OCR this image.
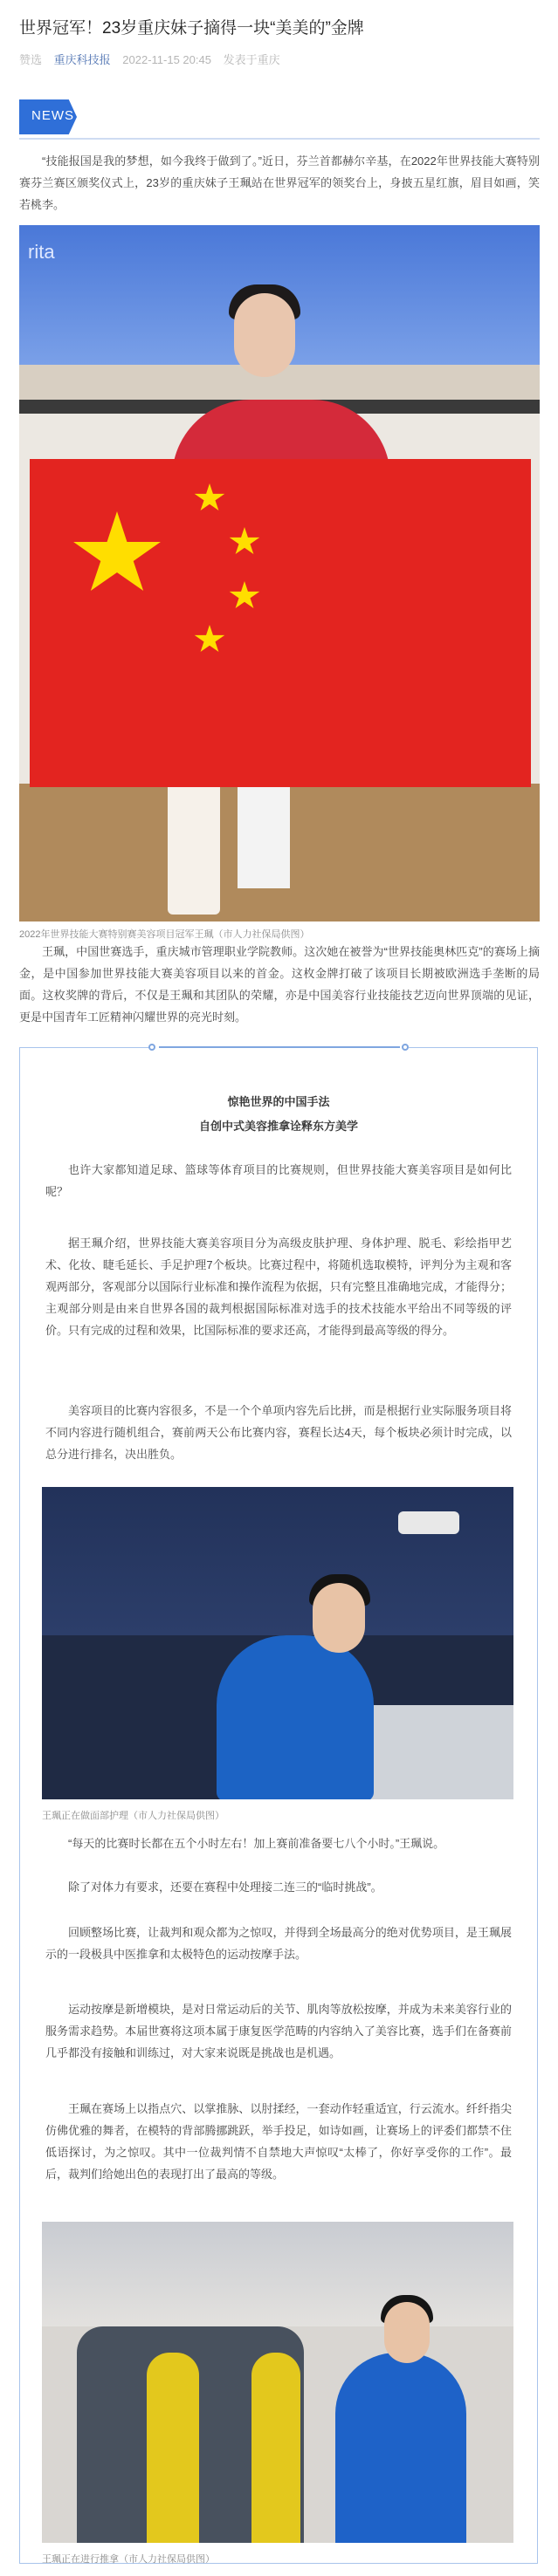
世界冠军！23岁重庆妹子摘得一块“美美的”金牌
赞选 重庆科技报 2022-11-15 20:45 发表于重庆
NEWS

“技能报国是我的梦想，如今我终于做到了。”近日，芬兰首都赫尔辛基，在2022年世界技能大赛特别赛芬兰赛区颁奖仪式上，23岁的重庆妹子王珮站在世界冠军的领奖台上，身披五星红旗，眉目如画，笑若桃李。

rita
2022年世界技能大赛特别赛美容项目冠军王珮（市人力社保局供图）

王珮，中国世赛选手，重庆城市管理职业学院教师。这次她在被誉为“世界技能奥林匹克”的赛场上摘金，是中国参加世界技能大赛美容项目以来的首金。这枚金牌打破了该项目长期被欧洲选手垄断的局面。这枚奖牌的背后，不仅是王珮和其团队的荣耀，亦是中国美容行业技能技艺迈向世界顶端的见证，更是中国青年工匠精神闪耀世界的亮光时刻。

惊艳世界的中国手法
自创中式美容推拿诠释东方美学

也许大家都知道足球、篮球等体育项目的比赛规则，但世界技能大赛美容项目是如何比呢？

据王珮介绍，世界技能大赛美容项目分为高级皮肤护理、身体护理、脱毛、彩绘指甲艺术、化妆、睫毛延长、手足护理7个板块。比赛过程中，将随机选取模特，评判分为主观和客观两部分，客观部分以国际行业标准和操作流程为依据，只有完整且准确地完成，才能得分；主观部分则是由来自世界各国的裁判根据国际标准对选手的技术技能水平给出不同等级的评价。只有完成的过程和效果，比国际标准的要求还高，才能得到最高等级的得分。

美容项目的比赛内容很多，不是一个个单项内容先后比拼，而是根据行业实际服务项目将不同内容进行随机组合，赛前两天公布比赛内容，赛程长达4天，每个板块必须计时完成，以总分进行排名，决出胜负。

王珮正在做面部护理（市人力社保局供图）

“每天的比赛时长都在五个小时左右！加上赛前准备要七八个小时。”王珮说。

除了对体力有要求，还要在赛程中处理接二连三的“临时挑战”。

回顾整场比赛，让裁判和观众都为之惊叹，并得到全场最高分的绝对优势项目，是王珮展示的一段极具中医推拿和太极特色的运动按摩手法。

运动按摩是新增模块，是对日常运动后的关节、肌肉等放松按摩，并成为未来美容行业的服务需求趋势。本届世赛将这项本属于康复医学范畴的内容纳入了美容比赛，选手们在备赛前几乎都没有接触和训练过，对大家来说既是挑战也是机遇。

王珮在赛场上以指点穴、以掌推脉、以肘揉经，一套动作轻重适宜，行云流水。纤纤指尖仿佛优雅的舞者，在模特的背部腾挪跳跃，举手投足，如诗如画，让赛场上的评委们都禁不住低语探讨，为之惊叹。其中一位裁判情不自禁地大声惊叹“太棒了，你好享受你的工作”。最后，裁判们给她出色的表现打出了最高的等级。

王珮正在进行推拿（市人力社保局供图）
